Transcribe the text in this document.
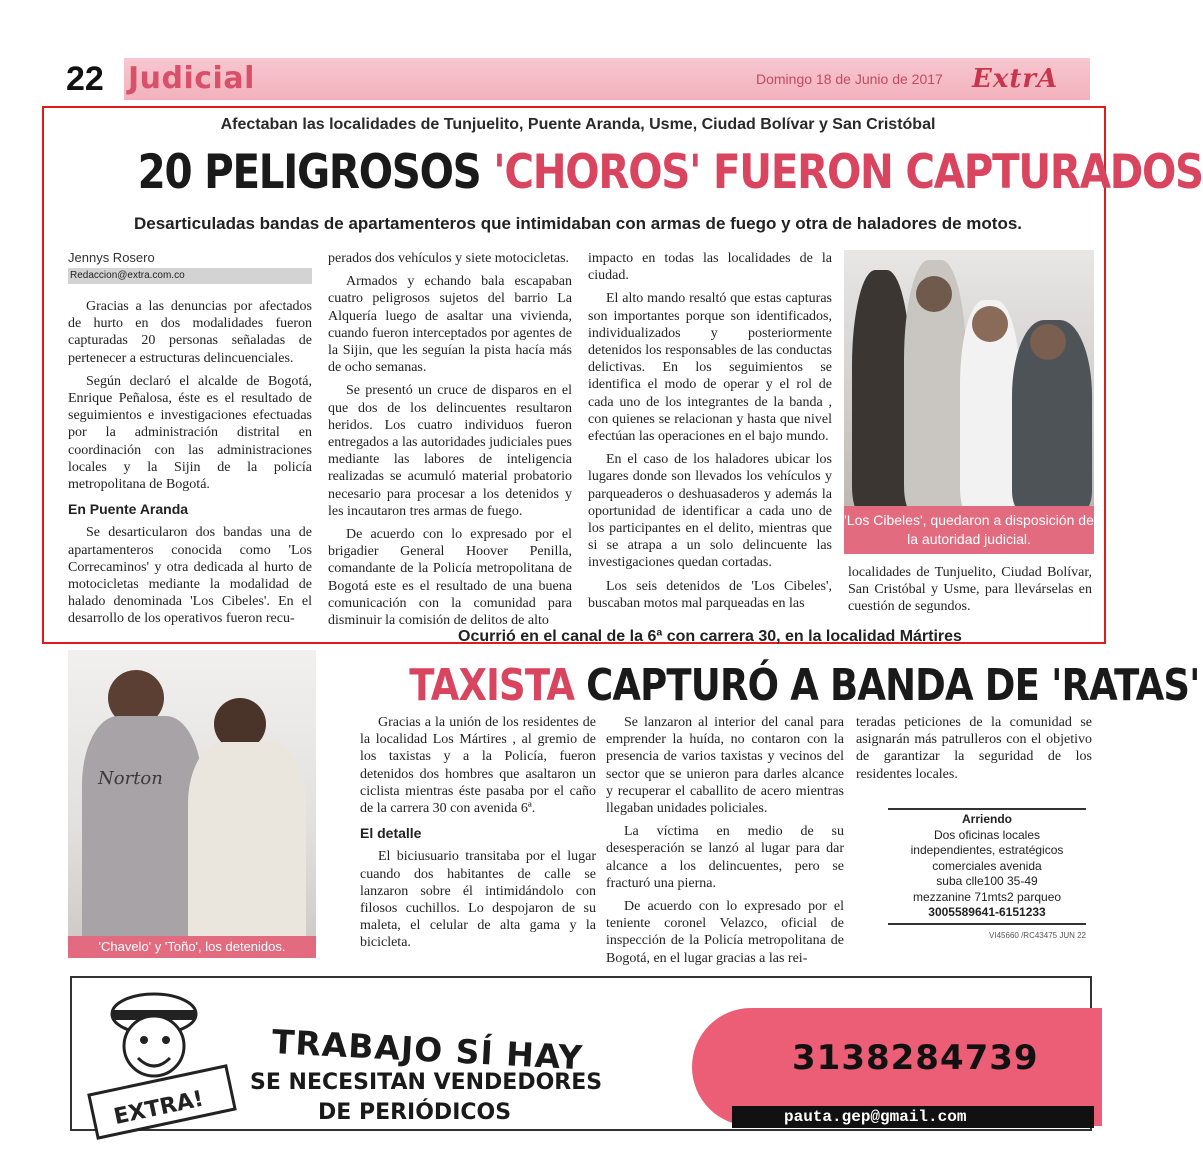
22 Judicial	Domingo 18 de Junio de 2017 ExtrA
Afectaban las localidades de Tunjuelito, Puente Aranda, Usme, Ciudad Bolívar y San Cristóbal
20 PELIGROSOS 'CHOROS' FUERON CAPTURADOS
Desarticuladas bandas de apartamenteros que intimidaban con armas de fuego y otra de haladores de motos.
Jennys Rosero
Redaccion@extra.com.co

Gracias a las denuncias por afectados de hurto en dos modalidades fueron capturadas 20 personas señaladas de pertenecer a estructuras delincuenciales.

Según declaró el alcalde de Bogotá, Enrique Peñalosa, éste es el resultado de seguimientos e investigaciones efectuadas por la administración distrital en coordinación con las administraciones locales y la Sijin de la policía metropolitana de Bogotá.

En Puente Aranda

Se desarticularon dos bandas una de apartamenteros conocida como 'Los Correcaminos' y otra dedicada al hurto de motocicletas mediante la modalidad de halado denominada 'Los Cibeles'. En el desarrollo de los operativos fueron recu-

perados dos vehículos y siete motocicletas.

Armados y echando bala escapaban cuatro peligrosos sujetos del barrio La Alquería luego de asaltar una vivienda, cuando fueron interceptados por agentes de la Sijin, que les seguían la pista hacía más de ocho semanas.

Se presentó un cruce de disparos en el que dos de los delincuentes resultaron heridos. Los cuatro individuos fueron entregados a las autoridades judiciales pues mediante las labores de inteligencia realizadas se acumuló material probatorio necesario para procesar a los detenidos y les incautaron tres armas de fuego.

De acuerdo con lo expresado por el brigadier General Hoover Penilla, comandante de la Policía metropolitana de Bogotá este es el resultado de una buena comunicación con la comunidad para disminuir la comisión de delitos de alto

impacto en todas las localidades de la ciudad.

El alto mando resaltó que estas capturas son importantes porque son identificados, individualizados y posteriormente detenidos los responsables de las conductas delictivas. En los seguimientos se identifica el modo de operar y el rol de cada uno de los integrantes de la banda , con quienes se relacionan y hasta que nivel efectúan las operaciones en el bajo mundo.

En el caso de los haladores ubicar los lugares donde son llevados los vehículos y parqueaderos o deshuasaderos y además la oportunidad de identificar a cada uno de los participantes en el delito, mientras que si se atrapa a un solo delincuente las investigaciones quedan cortadas.

Los seis detenidos de 'Los Cibeles', buscaban motos mal parqueadas en las

'Los Cibeles', quedaron a disposición de la autoridad judicial.

localidades de Tunjuelito, Ciudad Bolívar, San Cristóbal y Usme, para llevárselas en cuestión de segundos.

Ocurrió en el canal de la 6ª con carrera 30, en la localidad Mártires
TAXISTA CAPTURÓ A BANDA DE 'RATAS'
Norton
'Chavelo' y 'Toño', los detenidos.

Gracias a la unión de los residentes de la localidad Los Mártires , al gremio de los taxistas y a la Policía, fueron detenidos dos hombres que asaltaron un ciclista mientras éste pasaba por el caño de la carrera 30 con avenida 6ª.

El detalle

El biciusuario transitaba por el lugar cuando dos habitantes de calle se lanzaron sobre él intimidándolo con filosos cuchillos. Lo despojaron de su maleta, el celular de alta gama y la bicicleta.

Se lanzaron al interior del canal para emprender la huída, no contaron con la presencia de varios taxistas y vecinos del sector que se unieron para darles alcance y recuperar el caballito de acero mientras llegaban unidades policiales.

La víctima en medio de su desesperación se lanzó al lugar para dar alcance a los delincuentes, pero se fracturó una pierna.

De acuerdo con lo expresado por el teniente coronel Velazco, oficial de inspección de la Policía metropolitana de Bogotá, en el lugar gracias a las rei-

teradas peticiones de la comunidad se asignarán más patrulleros con el objetivo de garantizar la seguridad de los residentes locales.

Arriendo
Dos oficinas locales
independientes, estratégicos
comerciales avenida
suba clle100 35-49
mezzanine 71mts2 parqueo
3005589641-6151233
VI45660 /RC43475 JUN 22
EXTRA!
TRABAJO SÍ HAY
SE NECESITAN VENDEDORES
DE PERIÓDICOS
3138284739
pauta.gep@gmail.com
